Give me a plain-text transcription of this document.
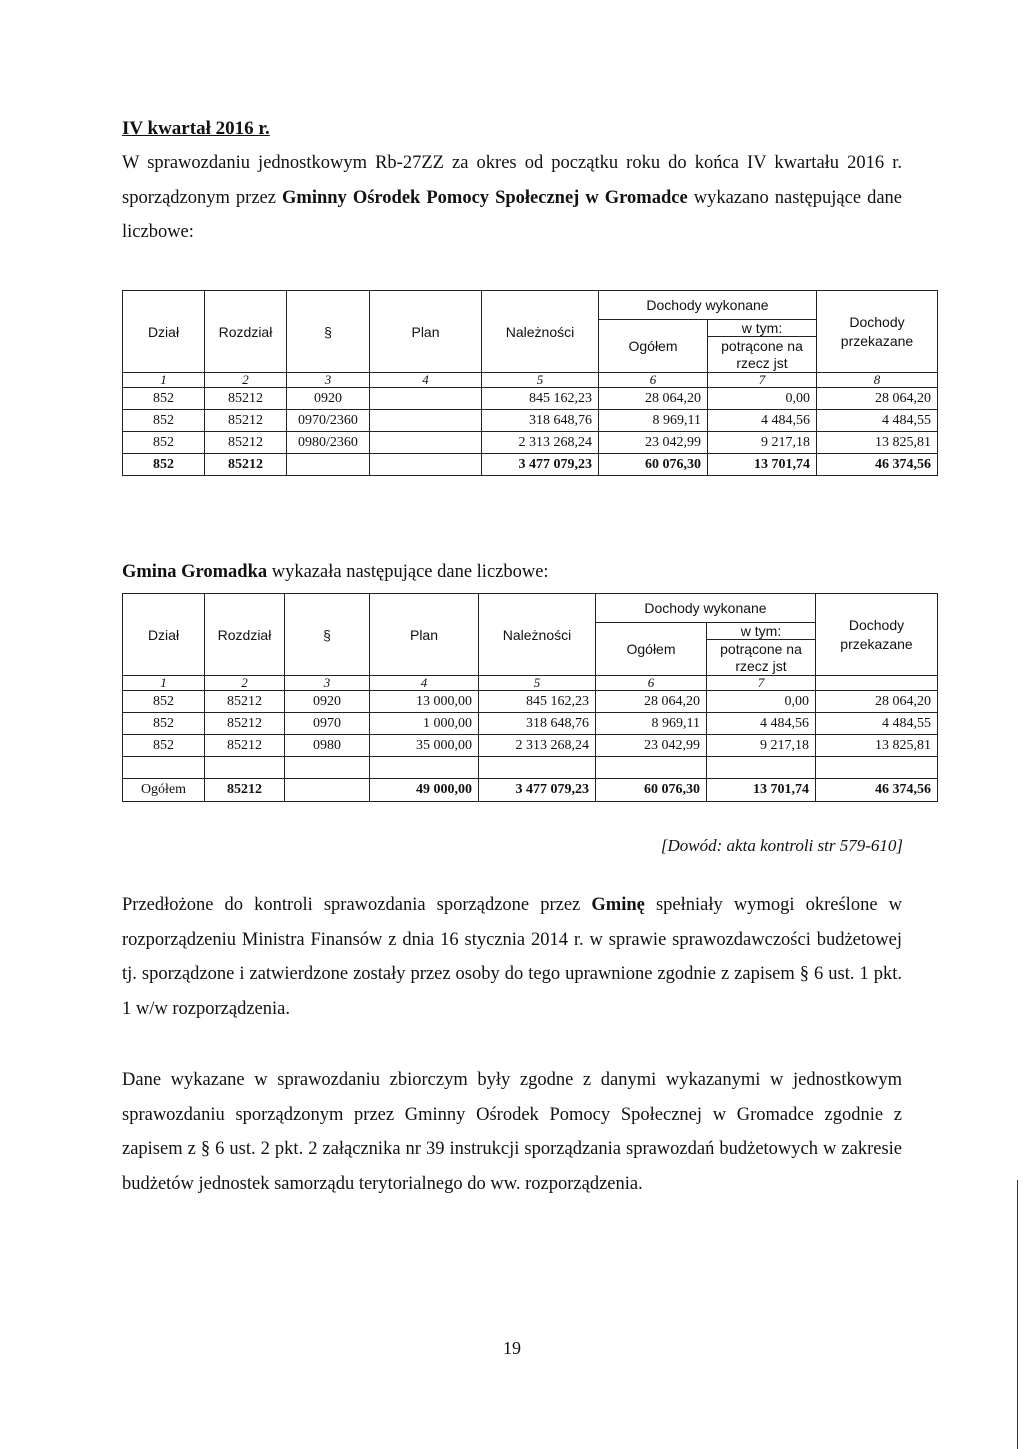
IV kwartał 2016 r.
W sprawozdaniu jednostkowym Rb-27ZZ za okres od początku roku do końca IV kwartału 2016 r. sporządzonym przez Gminny Ośrodek Pomocy Społecznej w Gromadce wykazano następujące dane liczbowe:
Dział	Rozdział	§	Plan	Należności	Dochody wykonane		Dochody przekazane
					Ogółem	w tym:	
						potrącone na rzecz jst	
1	2	3	4	5	6	7	8
852	85212	0920		845 162,23	28 064,20	0,00	28 064,20
852	85212	0970/2360		318 648,76	8 969,11	4 484,56	4 484,55
852	85212	0980/2360		2 313 268,24	23 042,99	9 217,18	13 825,81
852	85212			3 477 079,23	60 076,30	13 701,74	46 374,56
Gmina Gromadka wykazała następujące dane liczbowe:
Dział	Rozdział	§	Plan	Należności	Dochody wykonane		Dochody przekazane
					Ogółem	w tym:	
						potrącone na rzecz jst	
1	2	3	4	5	6	7	
852	85212	0920	13 000,00	845 162,23	28 064,20	0,00	28 064,20
852	85212	0970	1 000,00	318 648,76	8 969,11	4 484,56	4 484,55
852	85212	0980	35 000,00	2 313 268,24	23 042,99	9 217,18	13 825,81

Ogółem	85212		49 000,00	3 477 079,23	60 076,30	13 701,74	46 374,56
[Dowód: akta kontroli str 579-610]
Przedłożone do kontroli sprawozdania sporządzone przez Gminę spełniały wymogi określone w rozporządzeniu Ministra Finansów z dnia 16 stycznia 2014 r. w sprawie sprawozdawczości budżetowej tj. sporządzone i zatwierdzone zostały przez osoby do tego uprawnione zgodnie z zapisem § 6 ust. 1 pkt. 1 w/w rozporządzenia.
Dane wykazane w sprawozdaniu zbiorczym były zgodne z danymi wykazanymi w jednostkowym sprawozdaniu sporządzonym przez Gminny Ośrodek Pomocy Społecznej w Gromadce zgodnie z zapisem z § 6 ust. 2 pkt. 2 załącznika nr 39 instrukcji sporządzania sprawozdań budżetowych w zakresie budżetów jednostek samorządu terytorialnego do ww. rozporządzenia.
19
